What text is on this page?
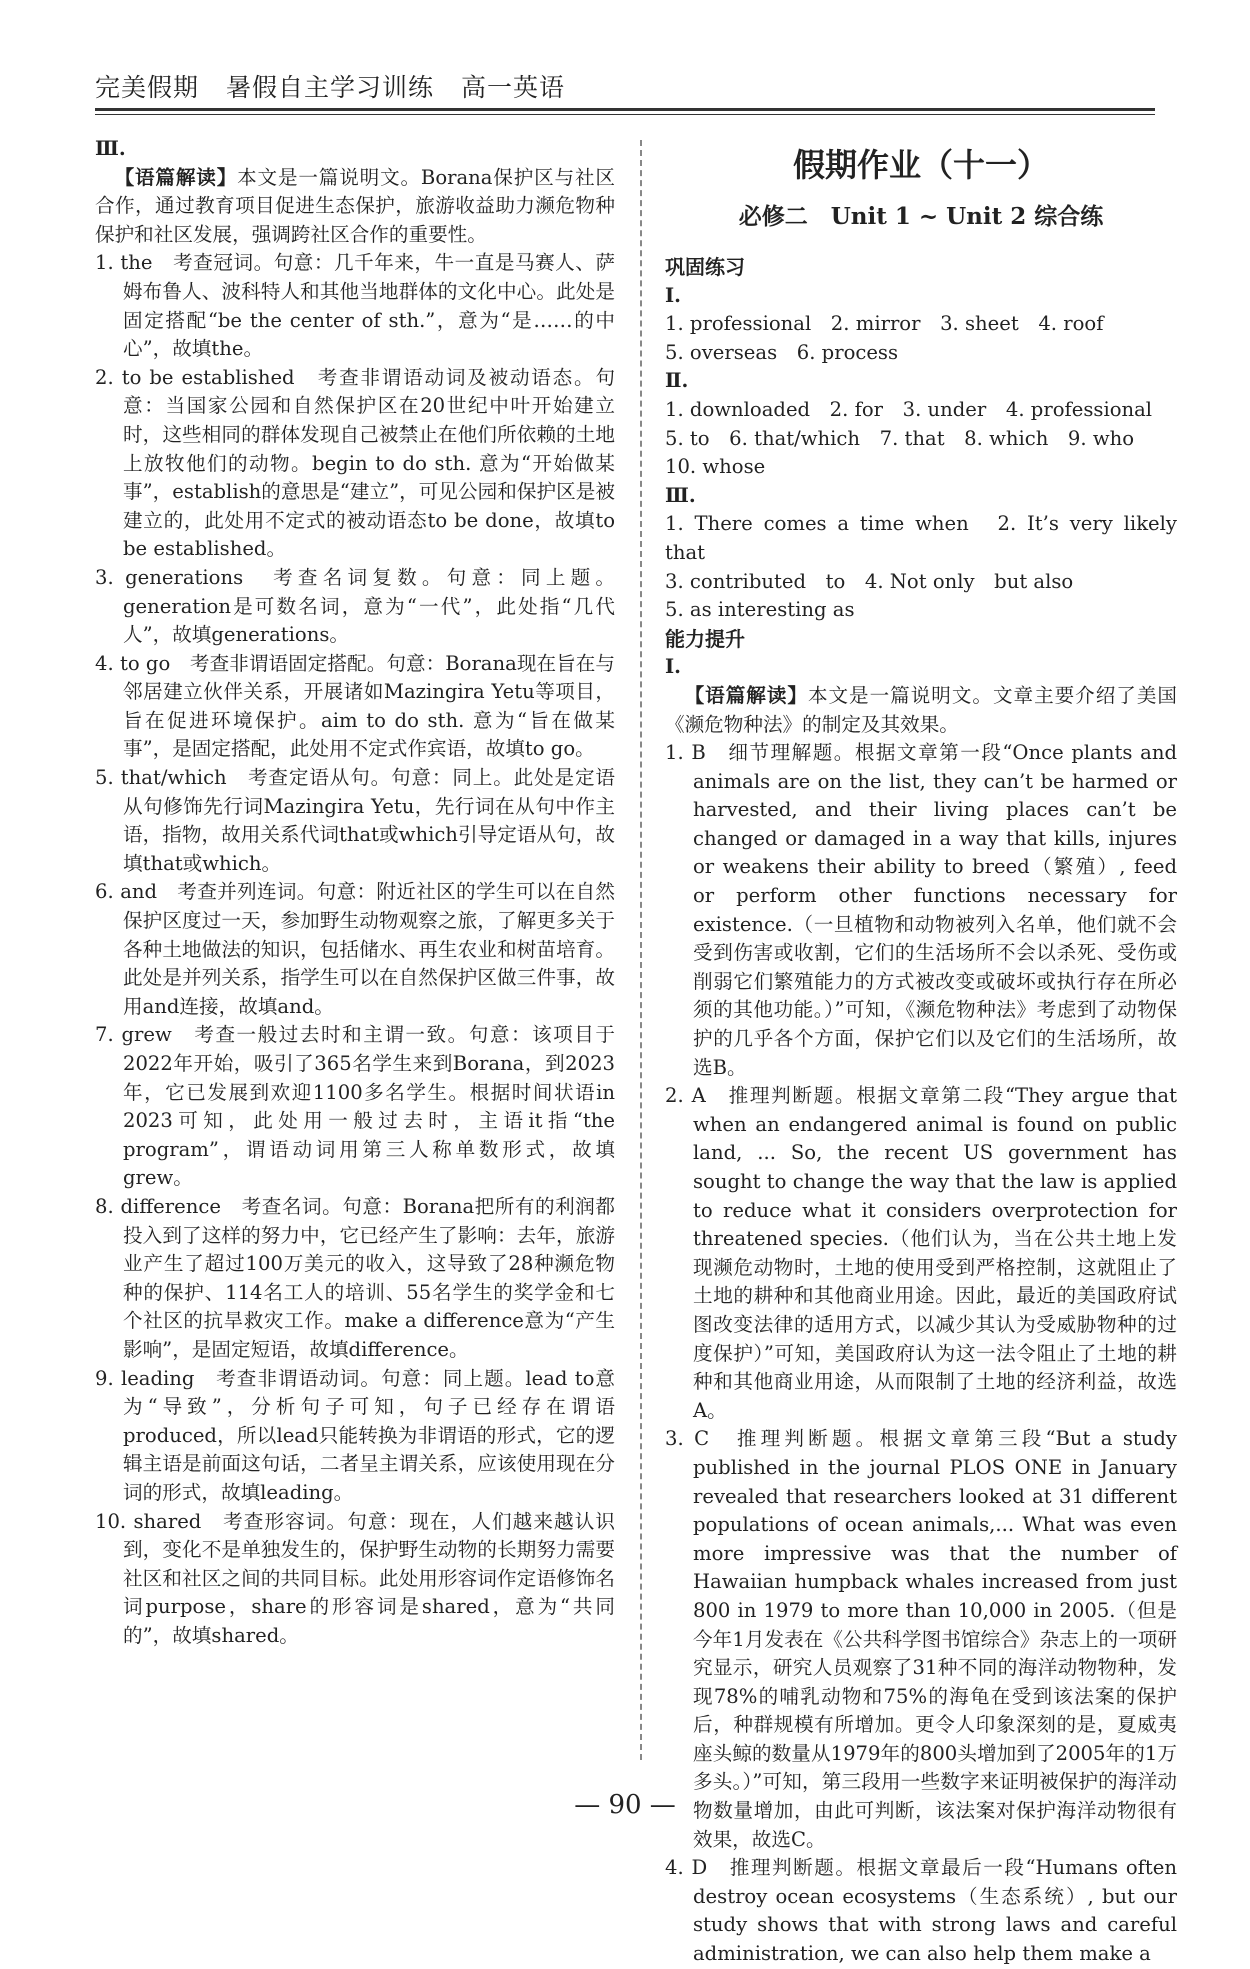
完美假期 暑假自主学习训练 高一英语

Ⅲ.

【语篇解读】本文是一篇说明文。Borana保护区与社区合作，通过教育项目促进生态保护，旅游收益助力濒危物种保护和社区发展，强调跨社区合作的重要性。

1. the　考查冠词。句意：几千年来，牛一直是马赛人、萨姆布鲁人、波科特人和其他当地群体的文化中心。此处是固定搭配“be the center of sth.”，意为“是……的中心”，故填the。

2. to be established　考查非谓语动词及被动语态。句意：当国家公园和自然保护区在20世纪中叶开始建立时，这些相同的群体发现自己被禁止在他们所依赖的土地上放牧他们的动物。begin to do sth. 意为“开始做某事”，establish的意思是“建立”，可见公园和保护区是被建立的，此处用不定式的被动语态to be done，故填to be established。

3. generations　考查名词复数。句意：同上题。generation是可数名词，意为“一代”，此处指“几代人”，故填generations。

4. to go　考查非谓语固定搭配。句意：Borana现在旨在与邻居建立伙伴关系，开展诸如Mazingira Yetu等项目，旨在促进环境保护。aim to do sth. 意为“旨在做某事”，是固定搭配，此处用不定式作宾语，故填to go。

5. that/which　考查定语从句。句意：同上。此处是定语从句修饰先行词Mazingira Yetu，先行词在从句中作主语，指物，故用关系代词that或which引导定语从句，故填that或which。

6. and　考查并列连词。句意：附近社区的学生可以在自然保护区度过一天，参加野生动物观察之旅，了解更多关于各种土地做法的知识，包括储水、再生农业和树苗培育。此处是并列关系，指学生可以在自然保护区做三件事，故用and连接，故填and。

7. grew　考查一般过去时和主谓一致。句意：该项目于2022年开始，吸引了365名学生来到Borana，到2023年，它已发展到欢迎1100多名学生。根据时间状语in 2023可知，此处用一般过去时，主语it指“the program”，谓语动词用第三人称单数形式，故填grew。

8. difference　考查名词。句意：Borana把所有的利润都投入到了这样的努力中，它已经产生了影响：去年，旅游业产生了超过100万美元的收入，这导致了28种濒危物种的保护、114名工人的培训、55名学生的奖学金和七个社区的抗旱救灾工作。make a difference意为“产生影响”，是固定短语，故填difference。

9. leading　考查非谓语动词。句意：同上题。lead to意为“导致”，分析句子可知，句子已经存在谓语produced，所以lead只能转换为非谓语的形式，它的逻辑主语是前面这句话，二者呈主谓关系，应该使用现在分词的形式，故填leading。

10. shared　考查形容词。句意：现在，人们越来越认识到，变化不是单独发生的，保护野生动物的长期努力需要社区和社区之间的共同目标。此处用形容词作定语修饰名词purpose，share的形容词是shared，意为“共同的”，故填shared。

假期作业（十一）

必修二　Unit 1 ~ Unit 2 综合练

巩固练习

Ⅰ.

1. professional　2. mirror　3. sheet　4. roof

5. overseas　6. process

Ⅱ.

1. downloaded　2. for　3. under　4. professional

5. to　6. that/which　7. that　8. which　9. who

10. whose

Ⅲ.

1. There comes a time when　2. It’s very likely that

3. contributed　to　4. Not only　but also

5. as interesting as

能力提升

Ⅰ.

【语篇解读】本文是一篇说明文。文章主要介绍了美国《濒危物种法》的制定及其效果。

1. B　细节理解题。根据文章第一段“Once plants and animals are on the list, they can’t be harmed or harvested, and their living places can’t be changed or damaged in a way that kills, injures or weakens their ability to breed（繁殖）, feed or perform other functions necessary for existence.（一旦植物和动物被列入名单，他们就不会受到伤害或收割，它们的生活场所不会以杀死、受伤或削弱它们繁殖能力的方式被改变或破坏或执行存在所必须的其他功能。）”可知，《濒危物种法》考虑到了动物保护的几乎各个方面，保护它们以及它们的生活场所，故选B。

2. A　推理判断题。根据文章第二段“They argue that when an endangered animal is found on public land, ... So, the recent US government has sought to change the way that the law is applied to reduce what it considers overprotection for threatened species.（他们认为，当在公共土地上发现濒危动物时，土地的使用受到严格控制，这就阻止了土地的耕种和其他商业用途。因此，最近的美国政府试图改变法律的适用方式，以减少其认为受威胁物种的过度保护）”可知，美国政府认为这一法令阻止了土地的耕种和其他商业用途，从而限制了土地的经济利益，故选A。

3. C　推理判断题。根据文章第三段“But a study published in the journal PLOS ONE in January revealed that researchers looked at 31 different populations of ocean animals,... What was even more impressive was that the number of Hawaiian humpback whales increased from just 800 in 1979 to more than 10,000 in 2005.（但是今年1月发表在《公共科学图书馆综合》杂志上的一项研究显示，研究人员观察了31种不同的海洋动物物种，发现78%的哺乳动物和75%的海龟在受到该法案的保护后，种群规模有所增加。更令人印象深刻的是，夏威夷座头鲸的数量从1979年的800头增加到了2005年的1万多头。）”可知，第三段用一些数字来证明被保护的海洋动物数量增加，由此可判断，该法案对保护海洋动物很有效果，故选C。

4. D　推理判断题。根据文章最后一段“Humans often destroy ocean ecosystems（生态系统）, but our study shows that with strong laws and careful administration, we can also help them make a

— 90 —
